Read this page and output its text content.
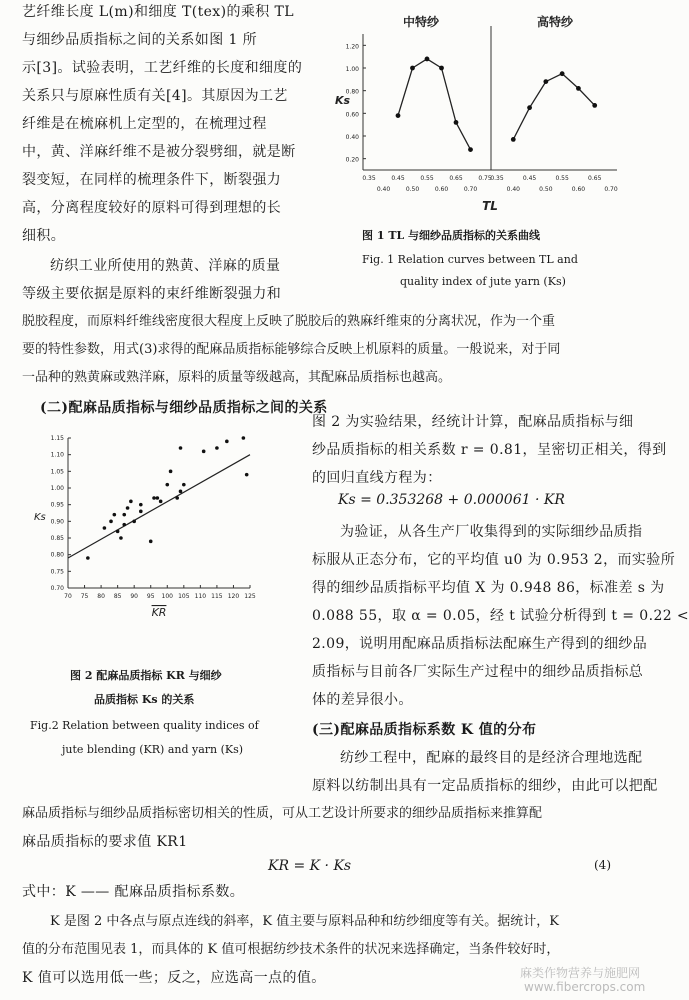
艺纤维长度 L(m)和细度 T(tex)的乘积 TL
与细纱品质指标之间的关系如图 1 所
示[3]。试验表明，工艺纤维的长度和细度的
关系只与原麻性质有关[4]。其原因为工艺
纤维是在梳麻机上定型的，在梳理过程
中，黄、洋麻纤维不是被分裂劈细，就是断
裂变短，在同样的梳理条件下，断裂强力
高，分离程度较好的原料可得到理想的长
细积。
纺织工业所使用的熟黄、洋麻的质量
等级主要依据是原料的束纤维断裂强力和
脱胶程度，而原料纤维线密度很大程度上反映了脱胶后的熟麻纤维束的分离状况，作为一个重
要的特性参数，用式(3)求得的配麻品质指标能够综合反映上机原料的质量。一般说来，对于同
一品种的熟黄麻或熟洋麻，原料的质量等级越高，其配麻品质指标也越高。
(二)配麻品质指标与细纱品质指标之间的关系
1.20
1.00
0.80
0.60
0.40
0.20
Ks
中特纱	高特纱
0.35	0.45	0.55	0.65	0.75
0.35	0.45	0.55	0.65
0.40	0.50	0.60	0.70	0.40	0.50	0.60	0.70
TL
图 1 TL 与细纱品质指标的关系曲线
Fig. 1 Relation curves between TL and
quality index of jute yarn (Ks)
图 2 为实验结果，经统计计算，配麻品质指标与细
纱品质指标的相关系数 r = 0.81，呈密切正相关，得到
的回归直线方程为：
Ks = 0.353268 + 0.000061 · KR
为验证，从各生产厂收集得到的实际细纱品质指
标服从正态分布，它的平均值 u0 为 0.953 2，而实验所
得的细纱品质指标平均值 X 为 0.948 86，标准差 s 为
0.088 55，取 α = 0.05，经 t 试验分析得到 t = 0.22 <
2.09，说明用配麻品质指标法配麻生产得到的细纱品
质指标与目前各厂实际生产过程中的细纱品质指标总
体的差异很小。
(三)配麻品质指标系数 K 值的分布
纺纱工程中，配麻的最终目的是经济合理地选配
原料以纺制出具有一定品质指标的细纱，由此可以把配
麻品质指标与细纱品质指标密切相关的性质，可从工艺设计所要求的细纱品质指标来推算配
麻品质指标的要求值 KR1
1.15
1.10
1.05
1.00
0.95
0.90
0.85
0.80
0.75
0.70
70 75 80 85 90 95 100 105 110 115 120 125
Ks
KR
图 2 配麻品质指标 KR 与细纱
品质指标 Ks 的关系
Fig.2 Relation between quality indices of
jute blending (KR) and yarn (Ks)
KR = K · Ks	(4)
式中：K —— 配麻品质指标系数。
K 是图 2 中各点与原点连线的斜率，K 值主要与原料品种和纺纱细度等有关。据统计，K
值的分布范围见表 1，而具体的 K 值可根据纺纱技术条件的状况来选择确定，当条件较好时，
K 值可以选用低一些；反之，应选高一点的值。	麻类作物营养与施肥网
www.fibercrops.com
